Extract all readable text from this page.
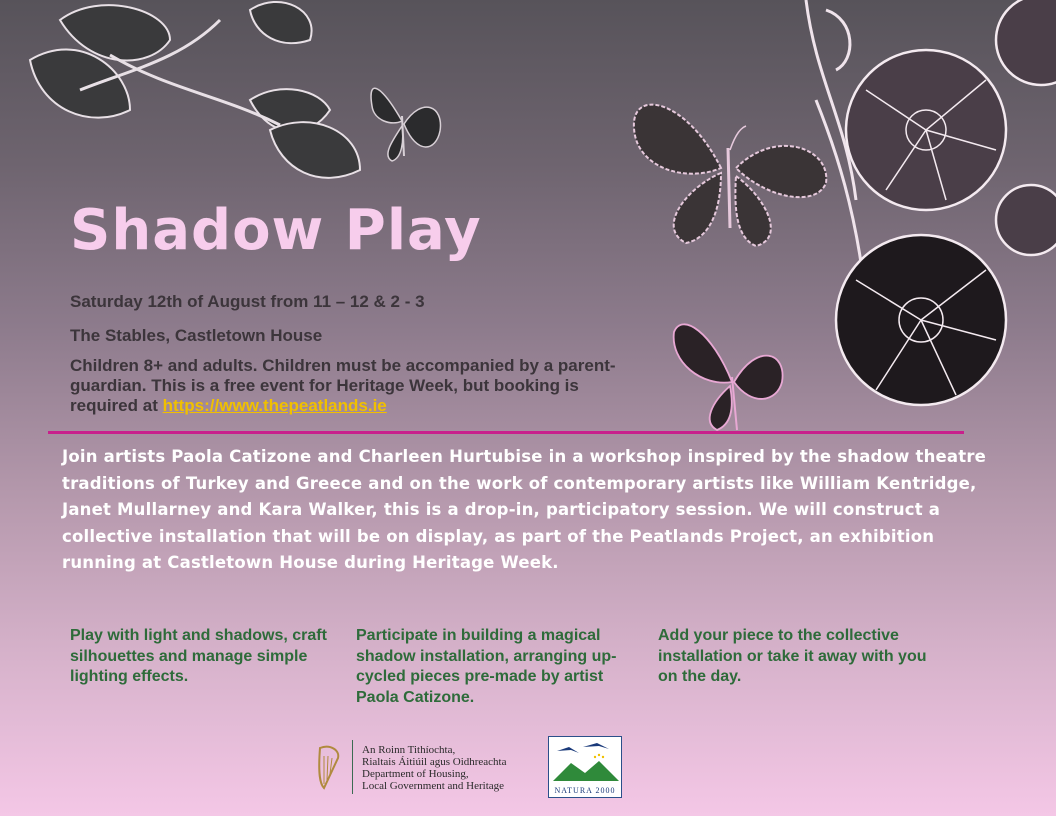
Shadow Play

Saturday 12th of August from 11 – 12 & 2 - 3

The Stables, Castletown House

Children 8+ and adults. Children must be accompanied by a parent-guardian. This is a free event for Heritage Week, but booking is required at https://www.thepeatlands.ie

Join artists Paola Catizone and Charleen Hurtubise in a workshop inspired by the shadow theatre traditions of Turkey and Greece and on the work of contemporary artists like William Kentridge, Janet Mullarney and Kara Walker, this is a drop-in, participatory session. We will construct a collective installation that will be on display, as part of the Peatlands Project, an exhibition running at Castletown House during Heritage Week.

Play with light and shadows, craft silhouettes and manage simple lighting effects.

Participate in building a magical shadow installation, arranging up-cycled pieces pre-made by artist Paola Catizone.

Add your piece to the collective installation or take it away with you on the day.

An Roinn Tithíochta,
Rialtais Áitiúil agus Oidhreachta
Department of Housing,
Local Government and Heritage	NATURA 2000
